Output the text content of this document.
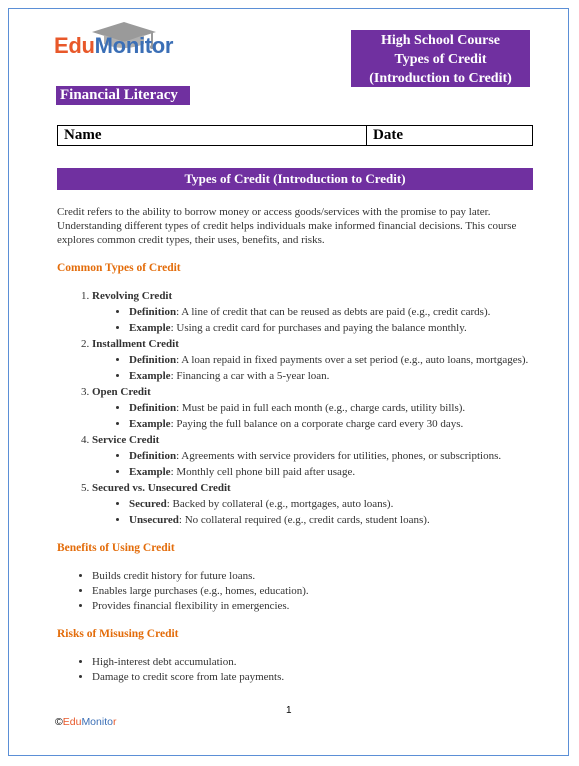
EduMonitor	High School Course
Types of Credit
(Introduction to Credit)
Financial Literacy
Name	Date
Types of Credit (Introduction to Credit)

Credit refers to the ability to borrow money or access goods/services with the promise to pay later. Understanding different types of credit helps individuals make informed financial decisions. This course explores common credit types, their uses, benefits, and risks.

Common Types of Credit
1. Revolving Credit
• Definition: A line of credit that can be reused as debts are paid (e.g., credit cards).
• Example: Using a credit card for purchases and paying the balance monthly.
2. Installment Credit
• Definition: A loan repaid in fixed payments over a set period (e.g., auto loans, mortgages).
• Example: Financing a car with a 5-year loan.
3. Open Credit
• Definition: Must be paid in full each month (e.g., charge cards, utility bills).
• Example: Paying the full balance on a corporate charge card every 30 days.
4. Service Credit
• Definition: Agreements with service providers for utilities, phones, or subscriptions.
• Example: Monthly cell phone bill paid after usage.
5. Secured vs. Unsecured Credit
• Secured: Backed by collateral (e.g., mortgages, auto loans).
• Unsecured: No collateral required (e.g., credit cards, student loans).
Benefits of Using Credit
• Builds credit history for future loans.
• Enables large purchases (e.g., homes, education).
• Provides financial flexibility in emergencies.
Risks of Misusing Credit
• High-interest debt accumulation.
• Damage to credit score from late payments.
1
©EduMonitor
